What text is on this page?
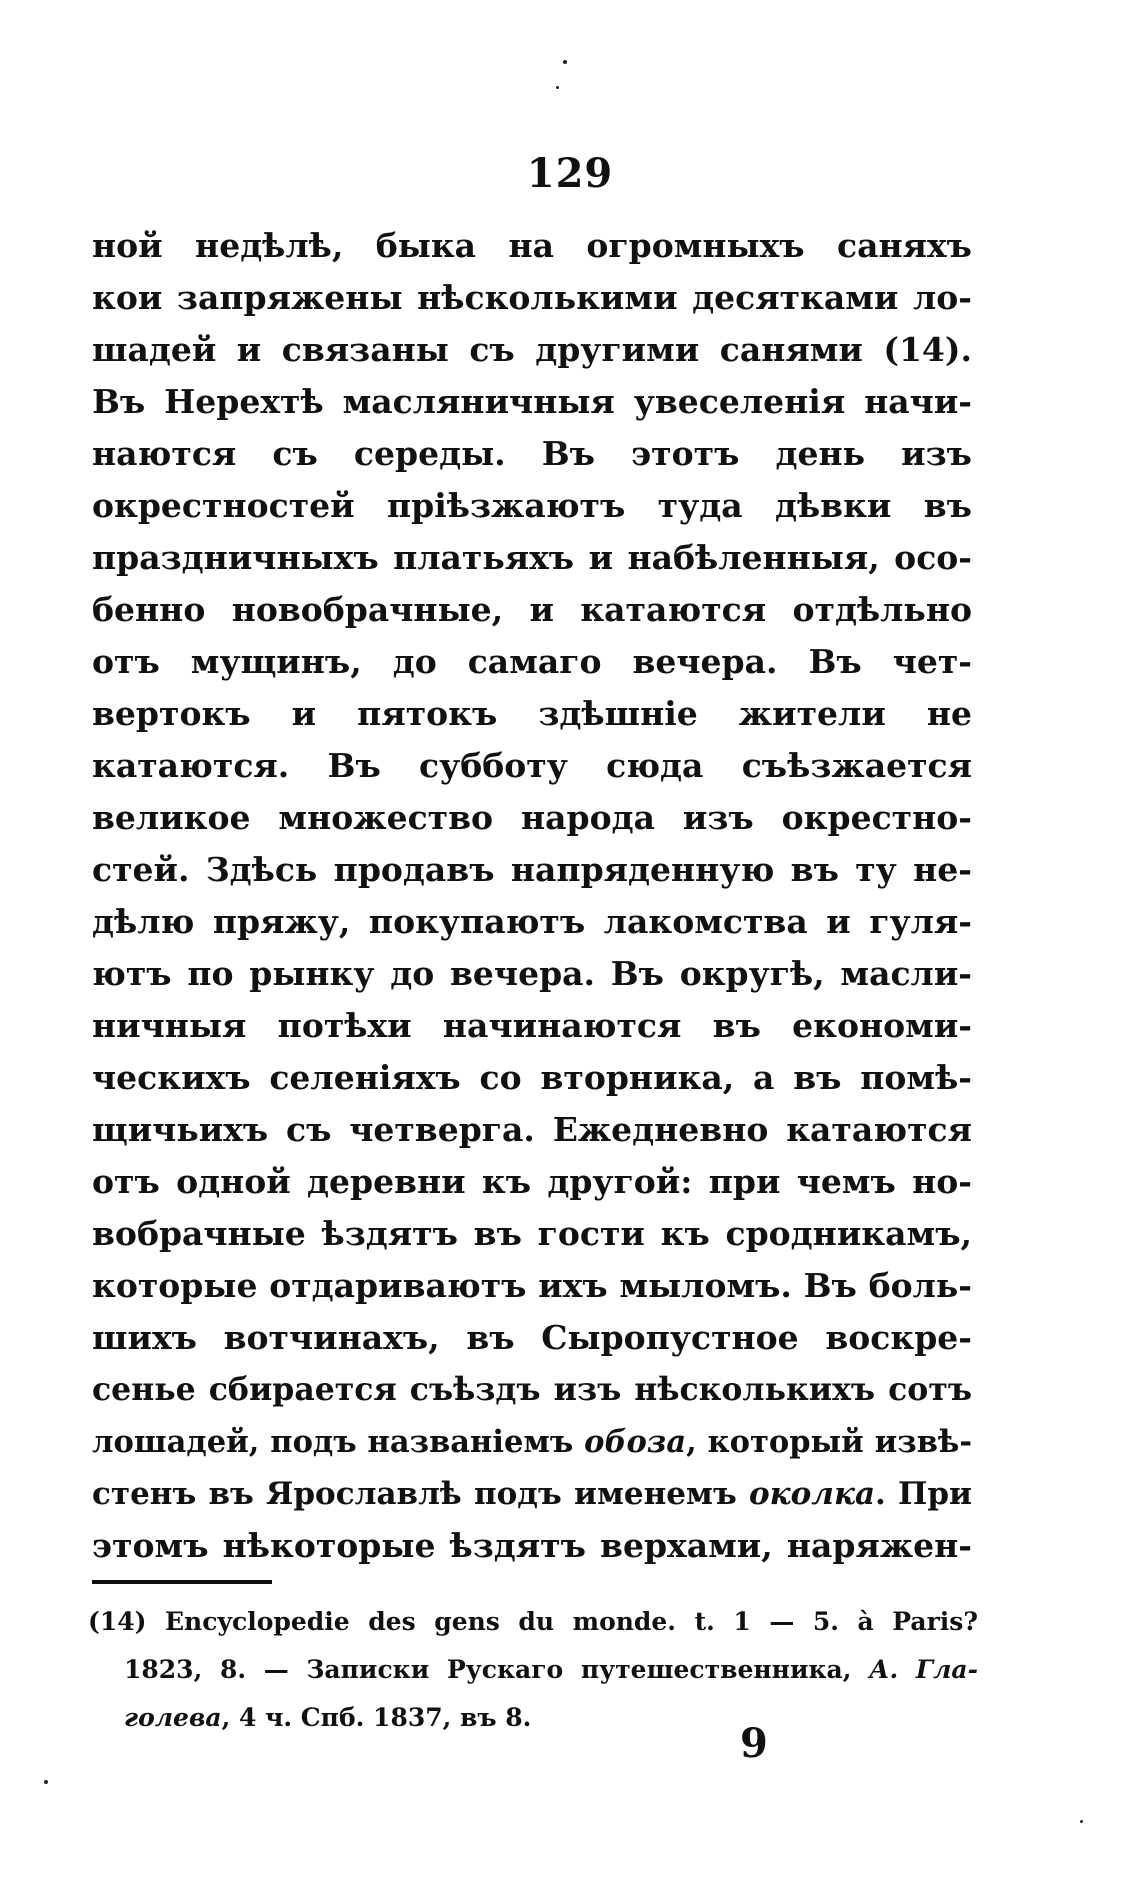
129
ной недѣлѣ, быка на огромныхъ саняхъ
кои запряжены нѣсколькими десятками ло-
шадей и связаны съ другими санями (14).
Въ Нерехтѣ масляничныя увеселенія начи-
наются съ середы. Въ этотъ день изъ
окрестностей пріѣзжаютъ туда дѣвки въ
праздничныхъ платьяхъ и набѣленныя, осо-
бенно новобрачные, и катаются отдѣльно
отъ мущинъ, до самаго вечера. Въ чет-
вертокъ и пятокъ здѣшніе жители не
катаются. Въ субботу сюда съѣзжается
великое множество народа изъ окрестно-
стей. Здѣсь продавъ напряденную въ ту не-
дѣлю пряжу, покупаютъ лакомства и гуля-
ютъ по рынку до вечера. Въ округѣ, масли-
ничныя потѣхи начинаются въ економи-
ческихъ селеніяхъ со вторника, а въ помѣ-
щичьихъ съ четверга. Ежедневно катаются
отъ одной деревни къ другой: при чемъ но-
вобрачные ѣздятъ въ гости къ сродникамъ,
которые отдариваютъ ихъ мыломъ. Въ боль-
шихъ вотчинахъ, въ Сыропустное воскре-
сенье сбирается съѣздъ изъ нѣсколькихъ сотъ
лошадей, подъ названіемъ обоза, который извѣ-
стенъ въ Ярославлѣ подъ именемъ околка. При
этомъ нѣкоторые ѣздятъ верхами, наряжен-
(14) Encyclopedie des gens du monde. t. 1 — 5. à Paris?
1823, 8. — Записки Рускаго путешественника, А. Гла-
голева, 4 ч. Спб. 1837, въ 8.
9
